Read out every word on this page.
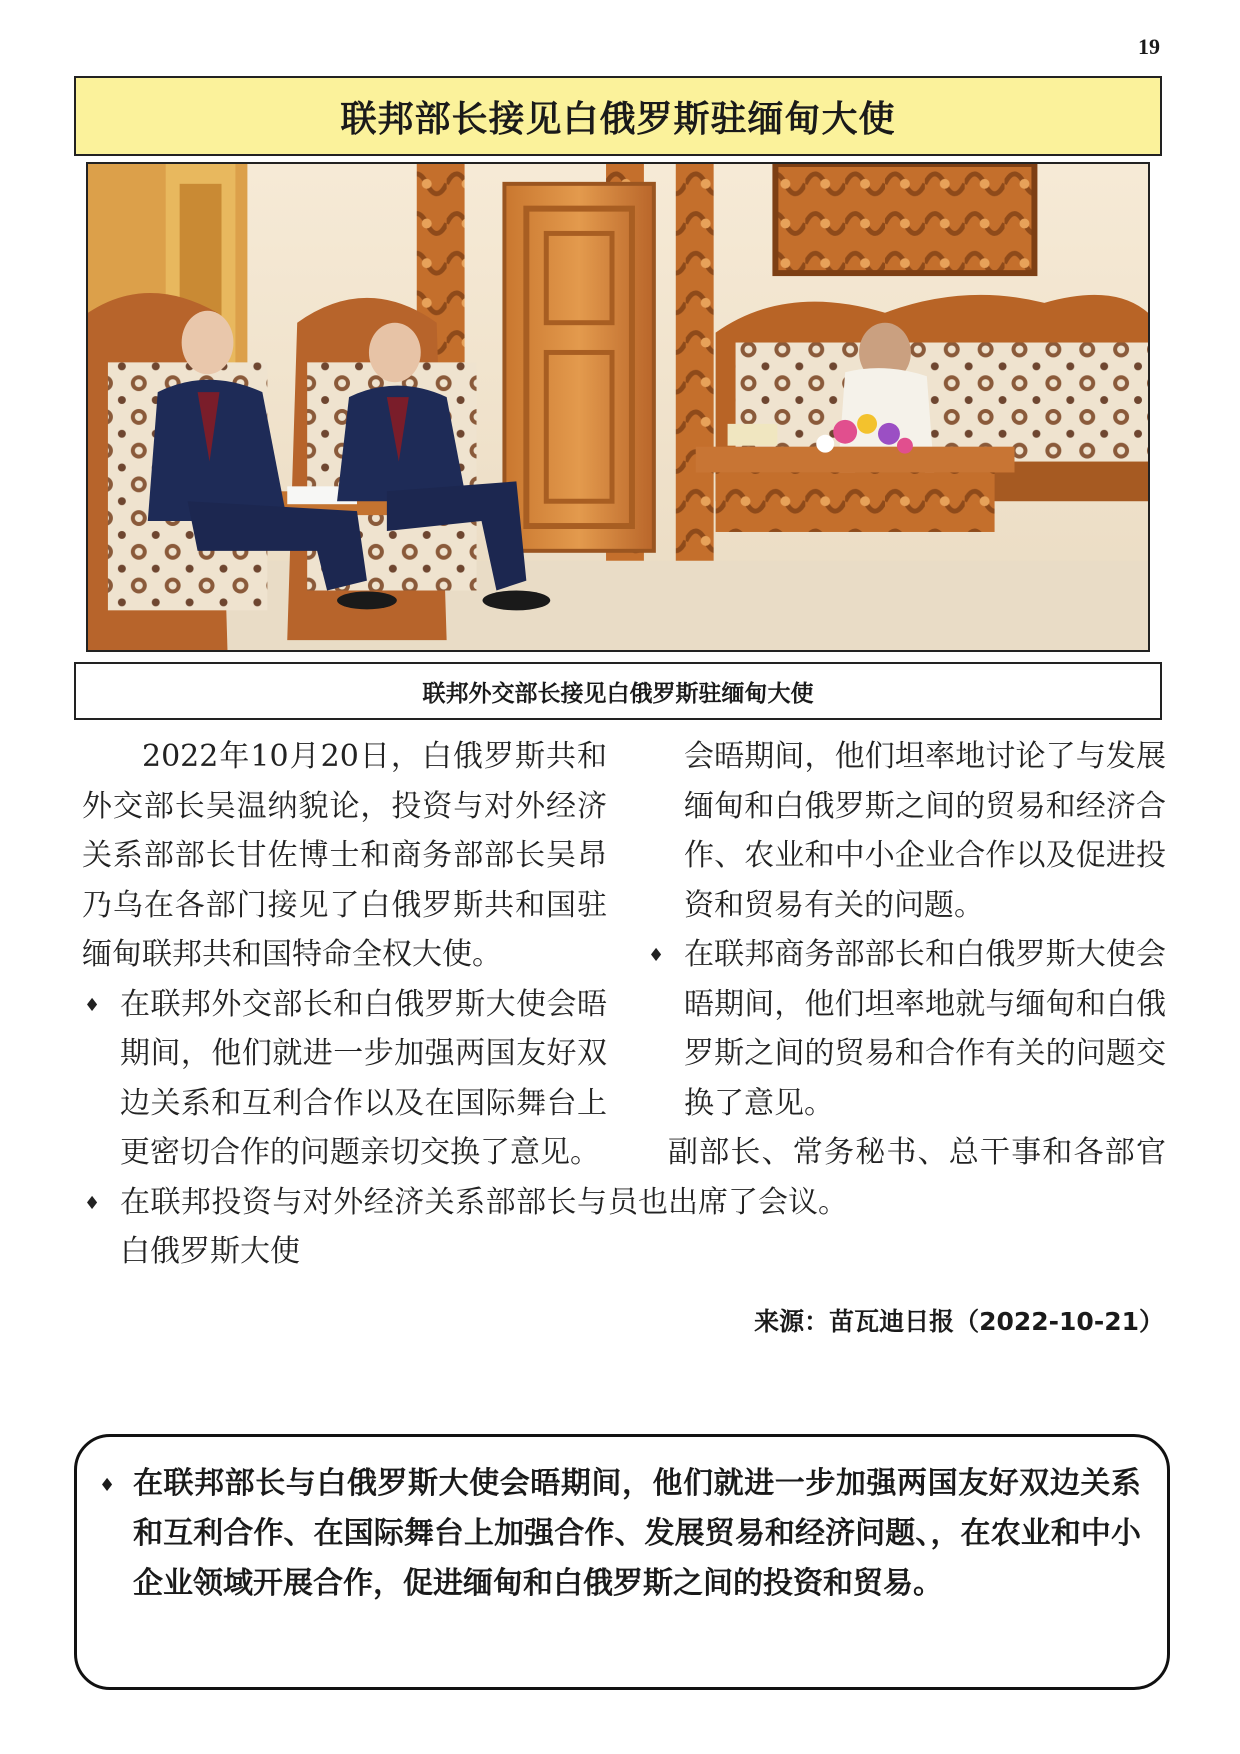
19
联邦部长接见白俄罗斯驻缅甸大使
联邦外交部长接见白俄罗斯驻缅甸大使

2022年10月20日，白俄罗斯共和外交部长吴温纳貌论，投资与对外经济关系部部长甘佐博士和商务部部长吴昂乃乌在各部门接见了白俄罗斯共和国驻缅甸联邦共和国特命全权大使。

♦ 在联邦外交部长和白俄罗斯大使会晤期间，他们就进一步加强两国友好双边关系和互利合作以及在国际舞台上更密切合作的问题亲切交换了意见。
♦ 在联邦投资与对外经济关系部部长与白俄罗斯大使
会晤期间，他们坦率地讨论了与发展缅甸和白俄罗斯之间的贸易和经济合作、农业和中小企业合作以及促进投资和贸易有关的问题。
♦ 在联邦商务部部长和白俄罗斯大使会晤期间，他们坦率地就与缅甸和白俄罗斯之间的贸易和合作有关的问题交换了意见。

副部长、常务秘书、总干事和各部官员也出席了会议。

来源：苗瓦迪日报（2022-10-21）
♦ 在联邦部长与白俄罗斯大使会晤期间，他们就进一步加强两国友好双边关系和互利合作、在国际舞台上加强合作、发展贸易和经济问题、，在农业和中小企业领域开展合作，促进缅甸和白俄罗斯之间的投资和贸易。
